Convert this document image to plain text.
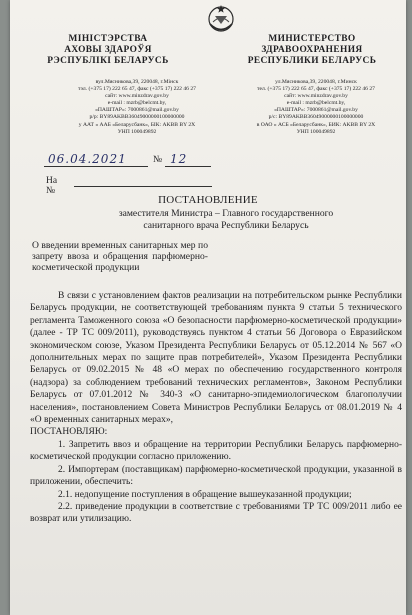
МІНІСТЭРСТВА
АХОВЫ ЗДАРОЎЯ
РЭСПУБЛІКІ БЕЛАРУСЬ
МИНИСТЕРСТВО
ЗДРАВООХРАНЕНИЯ
РЕСПУБЛИКИ БЕЛАРУСЬ
вул.Мясникова,39, 220048, г.Мінск
тэл. (+375 17) 222 65 47, факс (+375 17) 222 46 27
сайт: www.minzdrav.gov.by
e-mail : mzrb@belcmt.by,
«ПАШТАР»: 7000861@mail.gov.by
р/р: BY89AKBB36049000000100000000
у ААТ « ААБ «Беларусбанк», БІК: AKBB BY 2X
УНП 100049892
ул.Мясникова,39, 220048, г.Минск
тел. (+375 17) 222 65 47, факс (+375 17) 222 46 27
сайт: www.minzdrav.gov.by
e-mail : mzrb@belcmt.by,
«ПАШТАР»: 7000861@mail.gov.by
р/с: BY89AKBB36049000000100000000
в ОАО « АСБ «Беларусбанк», БИК: AKBB BY 2X
УНП 100049892
06.04.2021	№ 12
На №
ПОСТАНОВЛЕНИЕ
заместителя Министра – Главного государственного санитарного врача Республики Беларусь
О введении временных санитарных мер по запрету ввоза и обращения парфюмерно-косметической продукции

В связи с установлением фактов реализации на потребительском рынке Республики Беларусь продукции, не соответствующей требованиям пункта 9 статьи 5 технического регламента Таможенного союза «О безопасности парфюмерно-косметической продукции» (далее - ТР ТС 009/2011), руководствуясь пунктом 4 статьи 56 Договора о Евразийском экономическом союзе, Указом Президента Республики Беларусь от 05.12.2014 № 567 «О дополнительных мерах по защите прав потребителей», Указом Президента Республики Беларусь от 09.02.2015 № 48 «О мерах по обеспечению государственного контроля (надзора) за соблюдением требований технических регламентов», Законом Республики Беларусь от 07.01.2012 № 340-3 «О санитарно-эпидемиологическом благополучии населения», постановлением Совета Министров Республики Беларусь от 08.01.2019 № 4 «О временных санитарных мерах»,

ПОСТАНОВЛЯЮ:

1. Запретить ввоз и обращение на территории Республики Беларусь парфюмерно-косметической продукции согласно приложению.

2. Импортерам (поставщикам) парфюмерно-косметической продукции, указанной в приложении, обеспечить:

2.1. недопущение поступления в обращение вышеуказанной продукции;

2.2. приведение продукции в соответствие с требованиями ТР ТС 009/2011 либо ее возврат или утилизацию.
